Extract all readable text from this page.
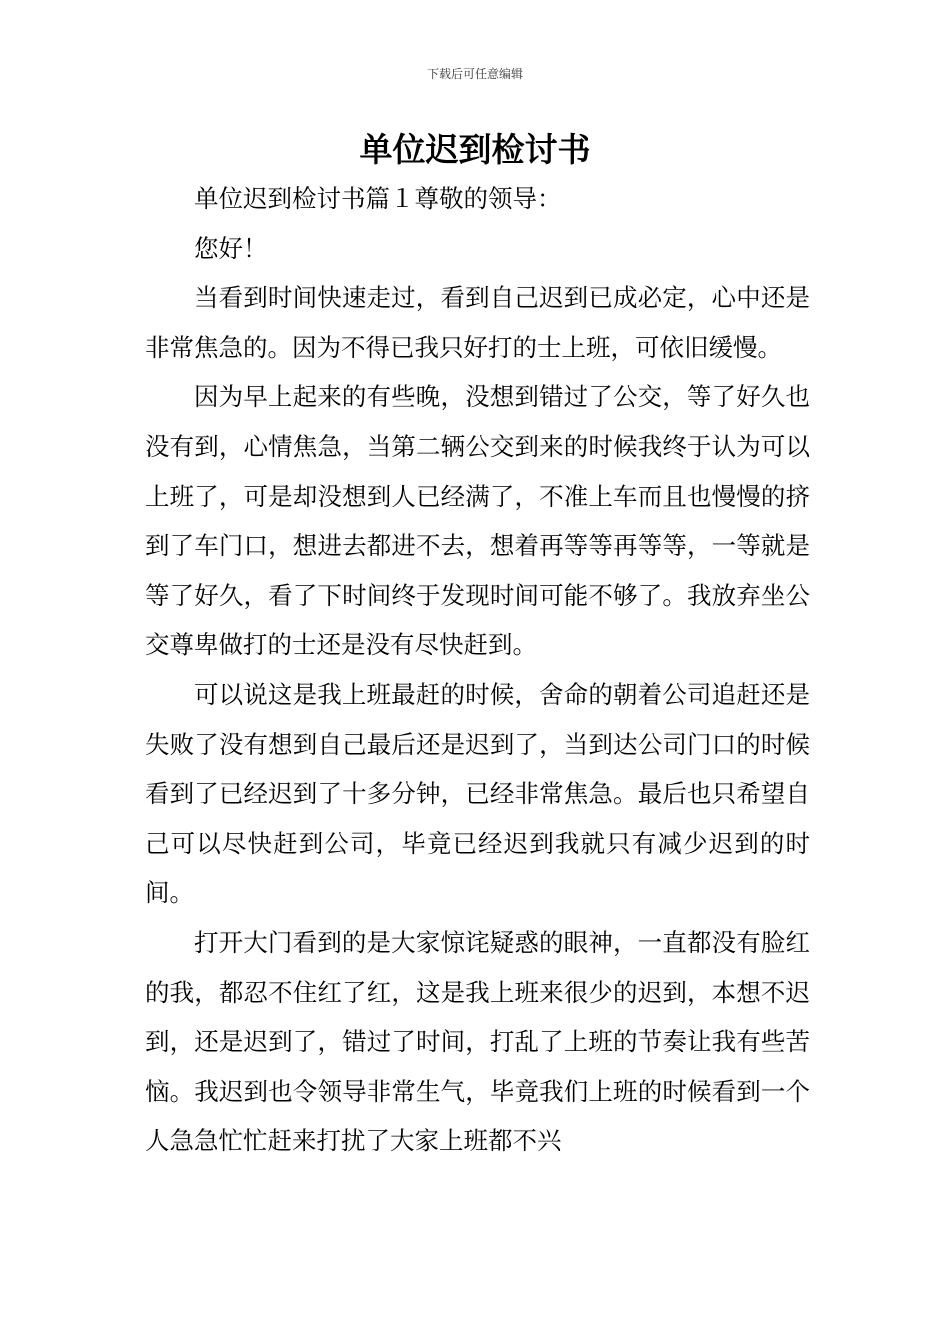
下载后可任意编辑
单位迟到检讨书

单位迟到检讨书篇１尊敬的领导：

您好！

当看到时间快速走过，看到自己迟到已成必定，心中还是非常焦急的。因为不得已我只好打的士上班，可依旧缓慢。

因为早上起来的有些晚，没想到错过了公交，等了好久也没有到，心情焦急，当第二辆公交到来的时候我终于认为可以上班了，可是却没想到人已经满了，不准上车而且也慢慢的挤到了车门口，想进去都进不去，想着再等等再等等，一等就是等了好久，看了下时间终于发现时间可能不够了。我放弃坐公交尊卑做打的士还是没有尽快赶到。

可以说这是我上班最赶的时候，舍命的朝着公司追赶还是失败了没有想到自己最后还是迟到了，当到达公司门口的时候看到了已经迟到了十多分钟，已经非常焦急。最后也只希望自己可以尽快赶到公司，毕竟已经迟到我就只有减少迟到的时间。

打开大门看到的是大家惊诧疑惑的眼神，一直都没有脸红的我，都忍不住红了红，这是我上班来很少的迟到，本想不迟到，还是迟到了，错过了时间，打乱了上班的节奏让我有些苦恼。我迟到也令领导非常生气，毕竟我们上班的时候看到一个人急急忙忙赶来打扰了大家上班都不兴
